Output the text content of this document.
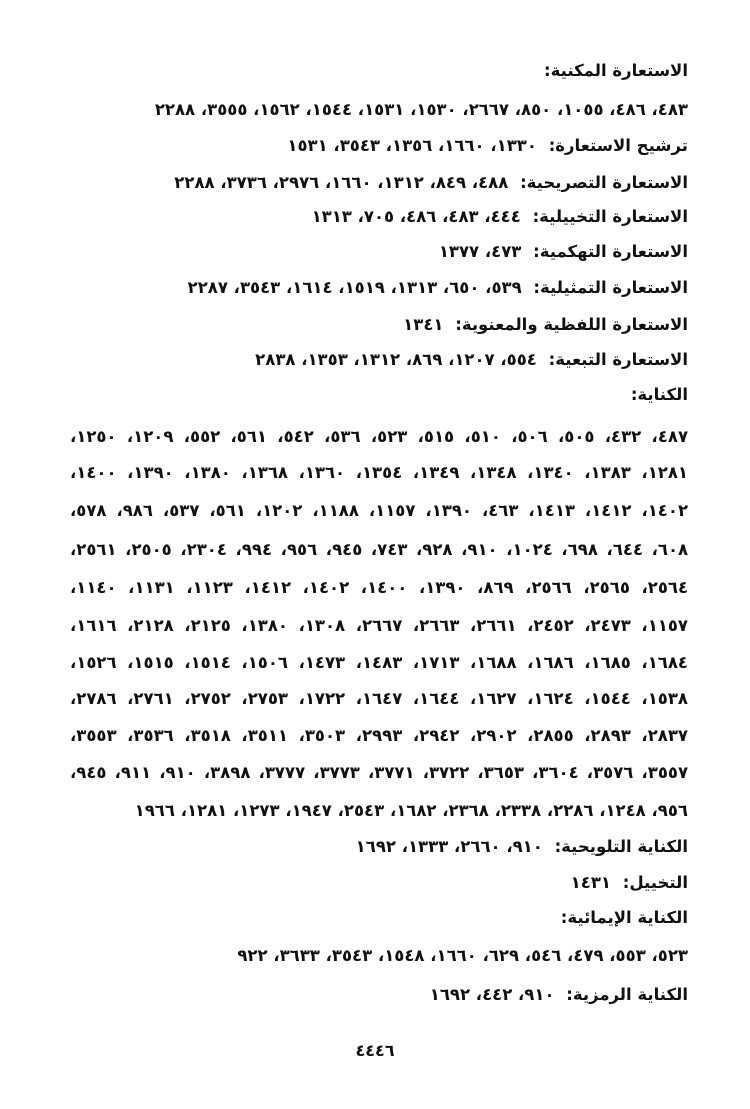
الاستعارة المكنية:
٤٨٣، ٤٨٦، ١٠٥٥، ٨٥٠، ٢٦٦٧، ١٥٣٠، ١٥٣١، ١٥٤٤، ١٥٦٢، ٣٥٥٥، ٢٢٨٨
ترشيح الاستعارة: ١٣٣٠، ١٦٦٠، ١٣٥٦، ٣٥٤٣، ١٥٣١
الاستعارة التصريحية: ٤٨٨، ٨٤٩، ١٣١٢، ١٦٦٠، ٢٩٧٦، ٣٧٣٦، ٢٢٨٨
الاستعارة التخييلية: ٤٤٤، ٤٨٣، ٤٨٦، ٧٠٥، ١٣١٣
الاستعارة التهكمية: ٤٧٣، ١٣٧٧
الاستعارة التمثيلية: ٥٣٩، ٦٥٠، ١٣١٣، ١٥١٩، ١٦١٤، ٣٥٤٣، ٢٢٨٧
الاستعارة اللفظية والمعنوية: ١٣٤١
الاستعارة التبعية: ٥٥٤، ١٢٠٧، ٨٦٩، ١٣١٢، ١٣٥٣، ٢٨٣٨
الكناية:
٤٨٧، ٤٣٢، ٥٠٥، ٥٠٦، ٥١٠، ٥١٥، ٥٢٣، ٥٣٦، ٥٤٢، ٥٦١، ٥٥٢، ١٢٠٩، ١٢٥٠،
١٢٨١، ١٣٨٣، ١٣٤٠، ١٣٤٨، ١٣٤٩، ١٣٥٤، ١٣٦٠، ١٣٦٨، ١٣٨٠، ١٣٩٠، ١٤٠٠،
١٤٠٢، ١٤١٢، ١٤١٣، ٤٦٣، ١٣٩٠، ١١٥٧، ١١٨٨، ١٢٠٢، ٥٦١، ٥٣٧، ٩٨٦، ٥٧٨،
٦٠٨، ٦٤٤، ٦٩٨، ١٠٢٤، ٩١٠، ٩٢٨، ٧٤٣، ٩٤٥، ٩٥٦، ٩٩٤، ٢٣٠٤، ٢٥٠٥، ٢٥٦١،
٢٥٦٤، ٢٥٦٥، ٢٥٦٦، ٨٦٩، ١٣٩٠، ١٤٠٠، ١٤٠٢، ١٤١٢، ١١٢٣، ١١٣١، ١١٤٠،
١١٥٧، ٢٤٧٣، ٢٤٥٢، ٢٦٦١، ٢٦٦٣، ٢٦٦٧، ١٣٠٨، ١٣٨٠، ٢١٢٥، ٢١٢٨، ١٦١٦،
١٦٨٤، ١٦٨٥، ١٦٨٦، ١٦٨٨، ١٧١٣، ١٤٨٣، ١٤٧٣، ١٥٠٦، ١٥١٤، ١٥١٥، ١٥٢٦،
١٥٣٨، ١٥٤٤، ١٦٢٤، ١٦٢٧، ١٦٤٤، ١٦٤٧، ١٧٢٢، ٢٧٥٣، ٢٧٥٢، ٢٧٦١، ٢٧٨٦،
٢٨٣٧، ٢٨٩٣، ٢٨٥٥، ٢٩٠٢، ٢٩٤٢، ٢٩٩٣، ٣٥٠٣، ٣٥١١، ٣٥١٨، ٣٥٣٦، ٣٥٥٣،
٣٥٥٧، ٣٥٧٦، ٣٦٠٤، ٣٦٥٣، ٣٧٢٢، ٣٧٧١، ٣٧٧٣، ٣٧٧٧، ٣٨٩٨، ٩١٠، ٩١١، ٩٤٥،
٩٥٦، ١٢٤٨، ٢٢٨٦، ٢٣٣٨، ٢٣٦٨، ١٦٨٢، ٢٥٤٣، ١٩٤٧، ١٢٧٣، ١٢٨١، ١٩٦٦
الكناية التلويحية: ٩١٠، ٢٦٦٠، ١٣٣٣، ١٦٩٢
التخييل: ١٤٣١
الكناية الإيمائية:
٥٢٣، ٥٥٣، ٤٧٩، ٥٤٦، ٦٢٩، ١٦٦٠، ١٥٤٨، ٣٥٤٣، ٣٦٣٣، ٩٢٢
الكناية الرمزية: ٩١٠، ٤٤٢، ١٦٩٢
٤٤٤٦
